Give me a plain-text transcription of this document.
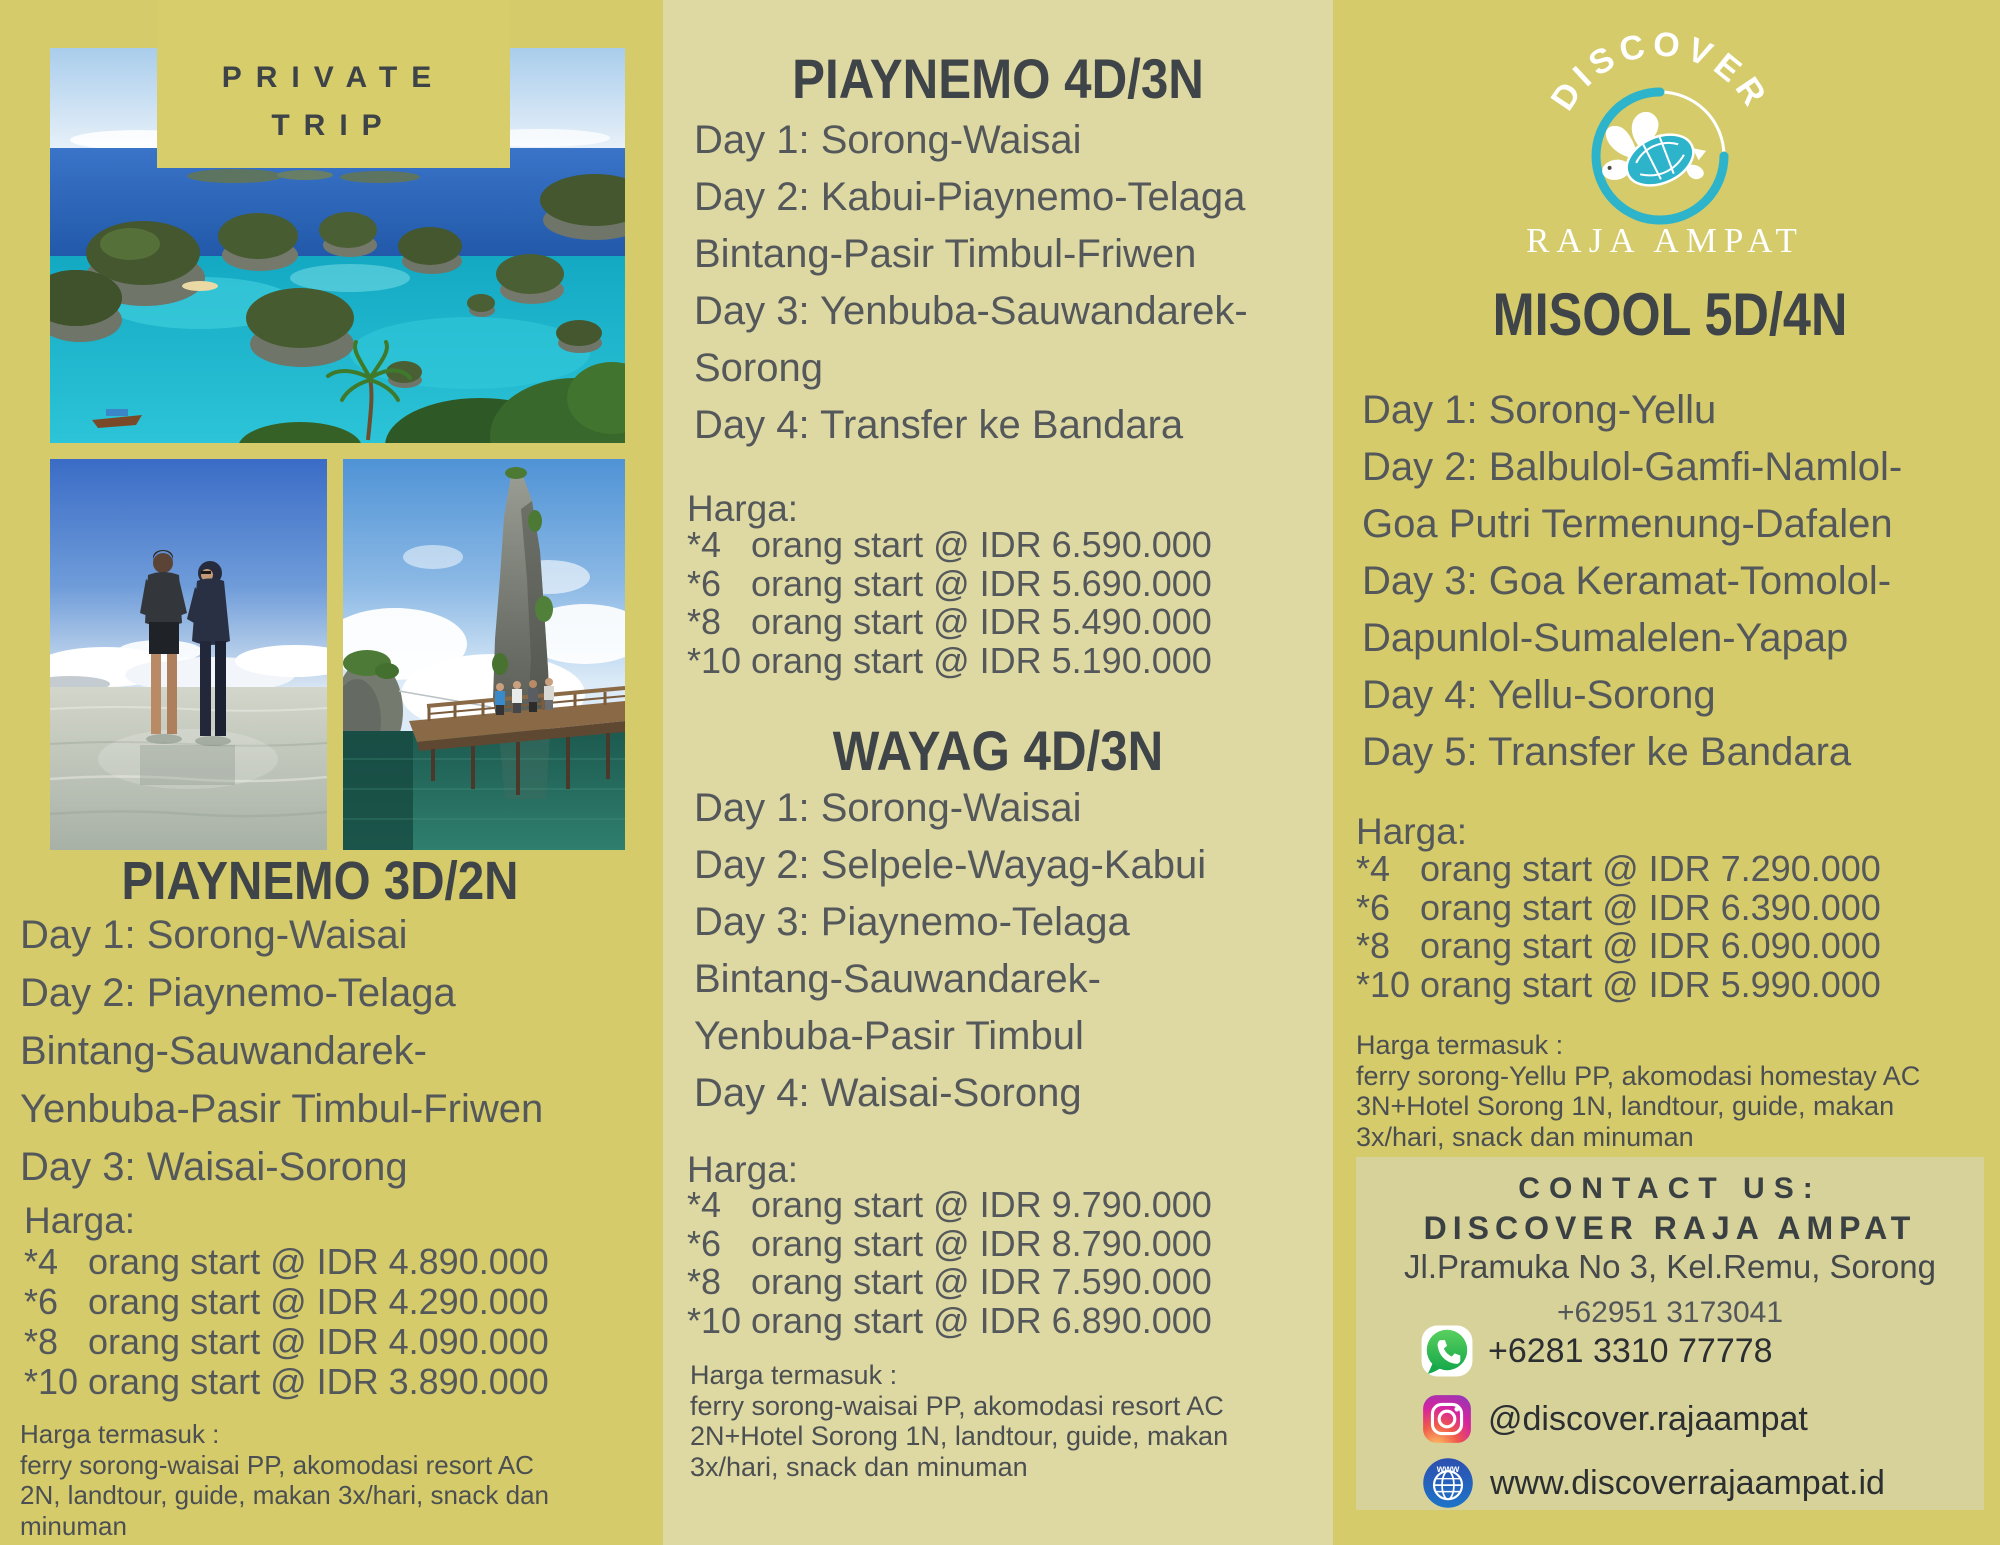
PRIVATE
TRIP
PIAYNEMO 3D/2N
Day 1: Sorong-Waisai
Day 2: Piaynemo-Telaga
Bintang-Sauwandarek-
Yenbuba-Pasir Timbul-Friwen
Day 3: Waisai-Sorong
Harga:
*4 orang start @ IDR 4.890.000
*6 orang start @ IDR 4.290.000
*8 orang start @ IDR 4.090.000
*10 orang start @ IDR 3.890.000
Harga termasuk :
ferry sorong-waisai PP, akomodasi resort AC
2N, landtour, guide, makan 3x/hari, snack dan
minuman
PIAYNEMO 4D/3N
Day 1: Sorong-Waisai
Day 2: Kabui-Piaynemo-Telaga
Bintang-Pasir Timbul-Friwen
Day 3: Yenbuba-Sauwandarek-
Sorong
Day 4: Transfer ke Bandara
Harga:
*4 orang start @ IDR 6.590.000
*6 orang start @ IDR 5.690.000
*8 orang start @ IDR 5.490.000
*10 orang start @ IDR 5.190.000
WAYAG 4D/3N
Day 1: Sorong-Waisai
Day 2: Selpele-Wayag-Kabui
Day 3: Piaynemo-Telaga
Bintang-Sauwandarek-
Yenbuba-Pasir Timbul
Day 4: Waisai-Sorong
Harga:
*4 orang start @ IDR 9.790.000
*6 orang start @ IDR 8.790.000
*8 orang start @ IDR 7.590.000
*10 orang start @ IDR 6.890.000
Harga termasuk :
ferry sorong-waisai PP, akomodasi resort AC
2N+Hotel Sorong 1N, landtour, guide, makan
3x/hari, snack dan minuman
DISCOVER
RAJA AMPAT
MISOOL 5D/4N
Day 1: Sorong-Yellu
Day 2: Balbulol-Gamfi-Namlol-
Goa Putri Termenung-Dafalen
Day 3: Goa Keramat-Tomolol-
Dapunlol-Sumalelen-Yapap
Day 4: Yellu-Sorong
Day 5: Transfer ke Bandara
Harga:
*4 orang start @ IDR 7.290.000
*6 orang start @ IDR 6.390.000
*8 orang start @ IDR 6.090.000
*10 orang start @ IDR 5.990.000
Harga termasuk :
ferry sorong-Yellu PP, akomodasi homestay AC
3N+Hotel Sorong 1N, landtour, guide, makan
3x/hari, snack dan minuman
CONTACT US:
DISCOVER RAJA AMPAT
Jl.Pramuka No 3, Kel.Remu, Sorong
+62951 3173041
+6281 3310 77778
@discover.rajaampat
www www.discoverrajaampat.id
